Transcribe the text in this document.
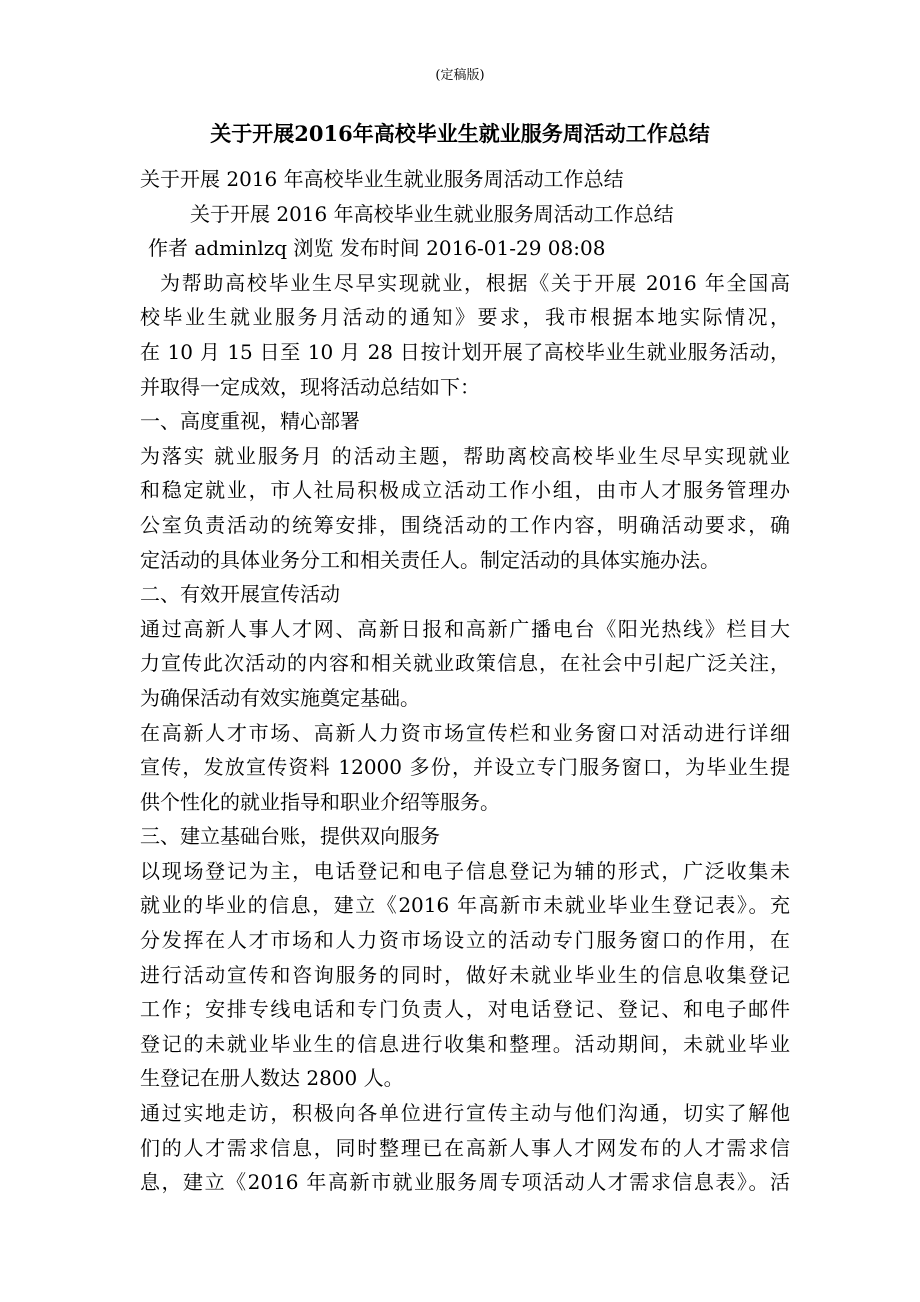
(定稿版)
关于开展2016年高校毕业生就业服务周活动工作总结
关于开展 2016 年高校毕业生就业服务周活动工作总结
关于开展 2016 年高校毕业生就业服务周活动工作总结
作者 adminlzq 浏览 发布时间 2016-01-29 08:08
为帮助高校毕业生尽早实现就业，根据《关于开展 2016 年全国高
校毕业生就业服务月活动的通知》要求，我市根据本地实际情况，
在 10 月 15 日至 10 月 28 日按计划开展了高校毕业生就业服务活动，
并取得一定成效，现将活动总结如下：
一、高度重视，精心部署
为落实 就业服务月 的活动主题，帮助离校高校毕业生尽早实现就业
和稳定就业，市人社局积极成立活动工作小组，由市人才服务管理办
公室负责活动的统筹安排，围绕活动的工作内容，明确活动要求，确
定活动的具体业务分工和相关责任人。制定活动的具体实施办法。
二、有效开展宣传活动
通过高新人事人才网、高新日报和高新广播电台《阳光热线》栏目大
力宣传此次活动的内容和相关就业政策信息，在社会中引起广泛关注，
为确保活动有效实施奠定基础。
在高新人才市场、高新人力资市场宣传栏和业务窗口对活动进行详细
宣传，发放宣传资料 12000 多份，并设立专门服务窗口，为毕业生提
供个性化的就业指导和职业介绍等服务。
三、建立基础台账，提供双向服务
以现场登记为主，电话登记和电子信息登记为辅的形式，广泛收集未
就业的毕业的信息，建立《2016 年高新市未就业毕业生登记表》。充
分发挥在人才市场和人力资市场设立的活动专门服务窗口的作用，在
进行活动宣传和咨询服务的同时，做好未就业毕业生的信息收集登记
工作；安排专线电话和专门负责人，对电话登记、登记、和电子邮件
登记的未就业毕业生的信息进行收集和整理。活动期间，未就业毕业
生登记在册人数达 2800 人。
通过实地走访，积极向各单位进行宣传主动与他们沟通，切实了解他
们的人才需求信息，同时整理已在高新人事人才网发布的人才需求信
息，建立《2016 年高新市就业服务周专项活动人才需求信息表》。活
